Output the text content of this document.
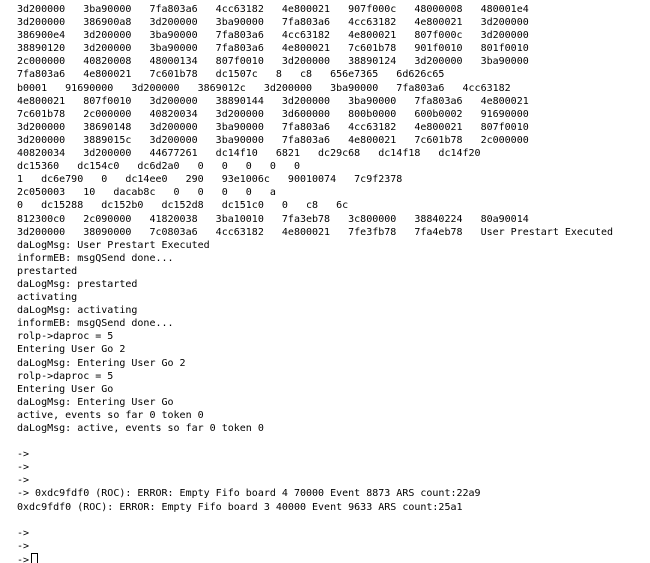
3d200000   3ba90000   7fa803a6   4cc63182   4e800021   907f000c   48000008   480001e4
3d200000   386900a8   3d200000   3ba90000   7fa803a6   4cc63182   4e800021   3d200000
386900e4   3d200000   3ba90000   7fa803a6   4cc63182   4e800021   807f000c   3d200000
38890120   3d200000   3ba90000   7fa803a6   4e800021   7c601b78   901f0010   801f0010
2c000000   40820008   48000134   807f0010   3d200000   38890124   3d200000   3ba90000
7fa803a6   4e800021   7c601b78   dc1507c   8   c8   656e7365   6d626c65
b0001   91690000   3d200000   3869012c   3d200000   3ba90000   7fa803a6   4cc63182
4e800021   807f0010   3d200000   38890144   3d200000   3ba90000   7fa803a6   4e800021
7c601b78   2c000000   40820034   3d200000   3d600000   800b0000   600b0002   91690000
3d200000   38690148   3d200000   3ba90000   7fa803a6   4cc63182   4e800021   807f0010
3d200000   3889015c   3d200000   3ba90000   7fa803a6   4e800021   7c601b78   2c000000
40820034   3d200000   44677261   dc14f10   6821   dc29c68   dc14f18   dc14f20
dc15360   dc154c0   dc6d2a0   0   0   0   0   0
1   dc6e790   0   dc14ee0   290   93e1006c   90010074   7c9f2378
2c050003   10   dacab8c   0   0   0   0   a
0   dc15288   dc152b0   dc152d8   dc151c0   0   c8   6c
812300c0   2c090000   41820038   3ba10010   7fa3eb78   3c800000   38840224   80a90014
3d200000   38090000   7c0803a6   4cc63182   4e800021   7fe3fb78   7fa4eb78   User Prestart Executed
daLogMsg: User Prestart Executed
informEB: msgQSend done...
prestarted
daLogMsg: prestarted
activating
daLogMsg: activating
informEB: msgQSend done...
rolp->daproc = 5
Entering User Go 2
daLogMsg: Entering User Go 2
rolp->daproc = 5
Entering User Go
daLogMsg: Entering User Go
active, events so far 0 token 0
daLogMsg: active, events so far 0 token 0
->
->
->
-> 0xdc9fdf0 (ROC): ERROR: Empty Fifo board 4 70000 Event 8873 ARS count:22a9
0xdc9fdf0 (ROC): ERROR: Empty Fifo board 3 40000 Event 9633 ARS count:25a1
->
->
->
